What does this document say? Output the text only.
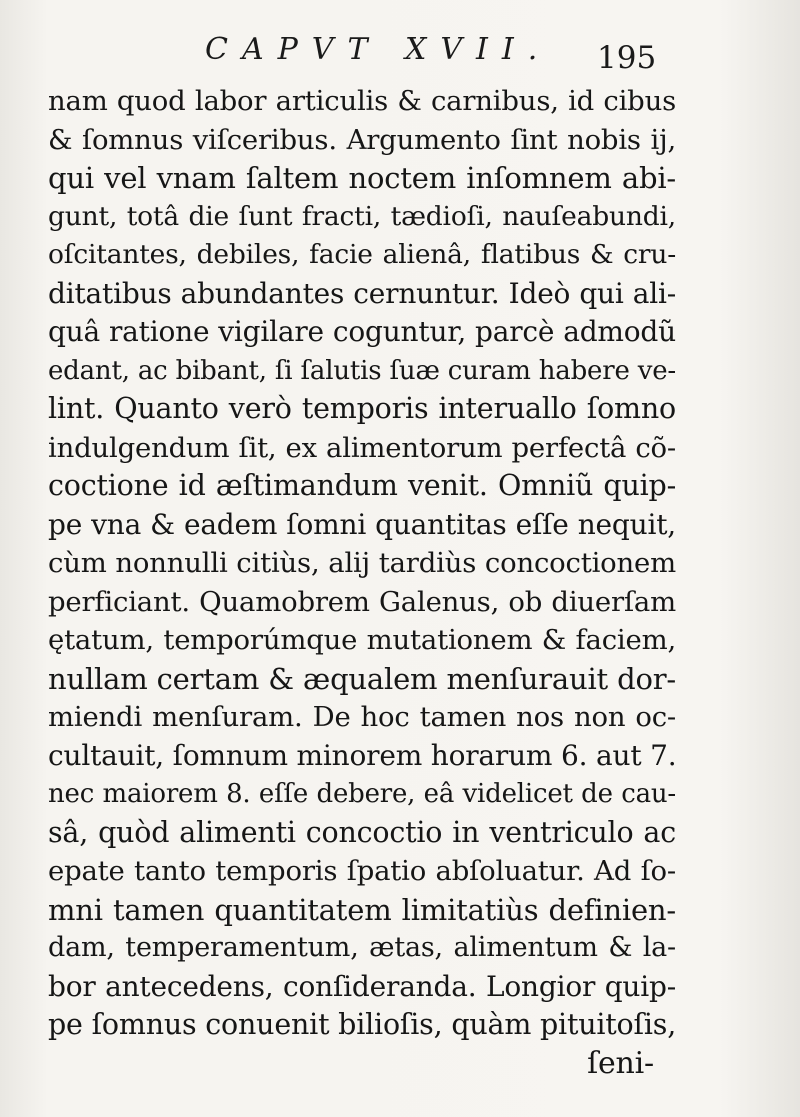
CAPVT XVII. 195
nam quod labor articulis & carnibus, id cibus
& ſomnus viſceribus. Argumento ſint nobis ij,
qui vel vnam ſaltem noctem inſomnem abi-
gunt, totâ die ſunt fracti, tædioſi, nauſeabundi,
oſcitantes, debiles, facie alienâ, flatibus & cru-
ditatibus abundantes cernuntur. Ideò qui ali-
quâ ratione vigilare coguntur, parcè admodũ
edant, ac bibant, ſi ſalutis ſuæ curam habere ve-
lint. Quanto verò temporis interuallo ſomno
indulgendum ſit, ex alimentorum perfectâ cõ-
coctione id æſtimandum venit. Omniũ quip-
pe vna & eadem ſomni quantitas eſſe nequit,
cùm nonnulli citiùs, alij tardiùs concoctionem
perficiant. Quamobrem Galenus, ob diuerſam
ętatum, temporúmque mutationem & faciem,
nullam certam & æqualem menſurauit dor-
miendi menſuram. De hoc tamen nos non oc-
cultauit, ſomnum minorem horarum 6. aut 7.
nec maiorem 8. eſſe debere, eâ videlicet de cau-
sâ, quòd alimenti concoctio in ventriculo ac
epate tanto temporis ſpatio abſoluatur. Ad ſo-
mni tamen quantitatem limitatiùs definien-
dam, temperamentum, ætas, alimentum & la-
bor antecedens, conſideranda. Longior quip-
pe ſomnus conuenit bilioſis, quàm pituitoſis,
ſeni-
